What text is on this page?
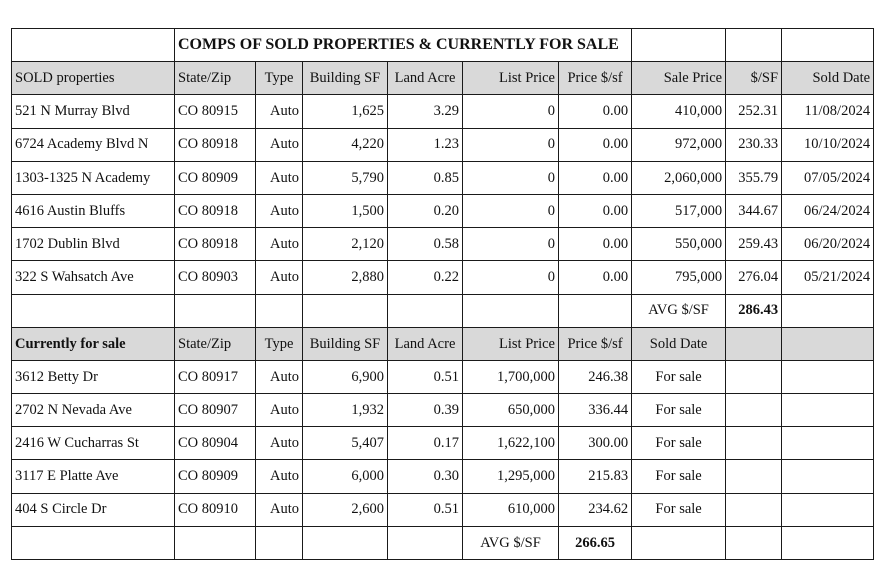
	COMPS OF SOLD PROPERTIES & CURRENTLY FOR SALE								
SOLD properties	State/Zip	Type	Building SF	Land Acre	List Price	Price $/sf	Sale Price	$/SF	Sold Date
521 N Murray Blvd	CO 80915	Auto	1,625	3.29	0	0.00	410,000	252.31	11/08/2024
6724 Academy Blvd N	CO 80918	Auto	4,220	1.23	0	0.00	972,000	230.33	10/10/2024
1303-1325 N Academy	CO 80909	Auto	5,790	0.85	0	0.00	2,060,000	355.79	07/05/2024
4616 Austin Bluffs	CO 80918	Auto	1,500	0.20	0	0.00	517,000	344.67	06/24/2024
1702 Dublin Blvd	CO 80918	Auto	2,120	0.58	0	0.00	550,000	259.43	06/20/2024
322 S Wahsatch Ave	CO 80903	Auto	2,880	0.22	0	0.00	795,000	276.04	05/21/2024
							AVG $/SF	286.43	
Currently for sale	State/Zip	Type	Building SF	Land Acre	List Price	Price $/sf	Sold Date		
3612 Betty Dr	CO 80917	Auto	6,900	0.51	1,700,000	246.38	For sale		
2702 N Nevada Ave	CO 80907	Auto	1,932	0.39	650,000	336.44	For sale		
2416 W Cucharras St	CO 80904	Auto	5,407	0.17	1,622,100	300.00	For sale		
3117 E Platte Ave	CO 80909	Auto	6,000	0.30	1,295,000	215.83	For sale		
404 S Circle Dr	CO 80910	Auto	2,600	0.51	610,000	234.62	For sale		
					AVG $/SF	266.65			
